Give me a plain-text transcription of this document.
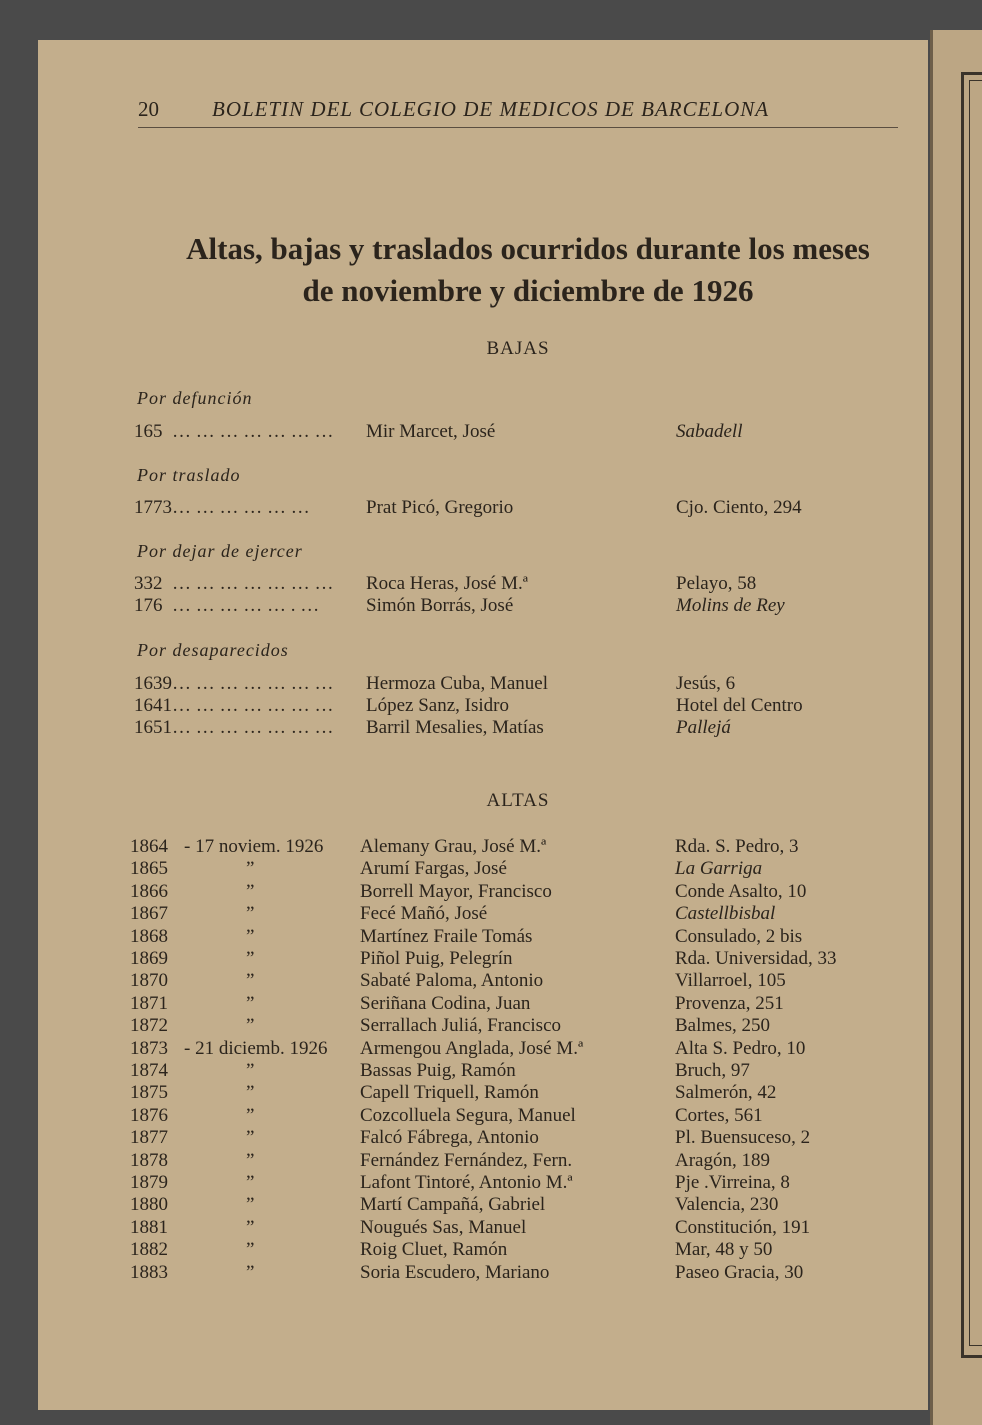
20	BOLETIN DEL COLEGIO DE MEDICOS DE BARCELONA
Altas, bajas y traslados ocurridos durante los meses
de noviembre y diciembre de 1926
BAJAS
Por defunción
165 … … … … … … … Mir Marcet, José	Sabadell
Por traslado
1773 … … … … … …	Prat Picó, Gregorio	Cjo. Ciento, 294
Por dejar de ejercer
332 … … … … … … … Roca Heras, José M.ª	Pelayo, 58
176 … … … … … . … Simón Borrás, José	Molins de Rey
Por desaparecidos
1639 … … … … … … … Hermoza Cuba, Manuel	Jesús, 6
1641 … … … … … … … López Sanz, Isidro	Hotel del Centro
1651 … … … … … … … Barril Mesalies, Matías	Pallejá
ALTAS
1864 - 17 noviem. 1926 Alemany Grau, José M.ª	Rda. S. Pedro, 3
1865	”	Arumí Fargas, José	La Garriga
1866	”	Borrell Mayor, Francisco	Conde Asalto, 10
1867	”	Fecé Mañó, José	Castellbisbal
1868	”	Martínez Fraile Tomás	Consulado, 2 bis
1869	”	Piñol Puig, Pelegrín	Rda. Universidad, 33
1870	”	Sabaté Paloma, Antonio	Villarroel, 105
1871	”	Seriñana Codina, Juan	Provenza, 251
1872	”	Serrallach Juliá, Francisco	Balmes, 250
1873 - 21 diciemb. 1926 Armengou Anglada, José M.ª	Alta S. Pedro, 10
1874	”	Bassas Puig, Ramón	Bruch, 97
1875	”	Capell Triquell, Ramón	Salmerón, 42
1876	”	Cozcolluela Segura, Manuel	Cortes, 561
1877	”	Falcó Fábrega, Antonio	Pl. Buensuceso, 2
1878	”	Fernández Fernández, Fern.	Aragón, 189
1879	”	Lafont Tintoré, Antonio M.ª	Pje .Virreina, 8
1880	”	Martí Campañá, Gabriel	Valencia, 230
1881	”	Nougués Sas, Manuel	Constitución, 191
1882	”	Roig Cluet, Ramón	Mar, 48 y 50
1883	”	Soria Escudero, Mariano	Paseo Gracia, 30
